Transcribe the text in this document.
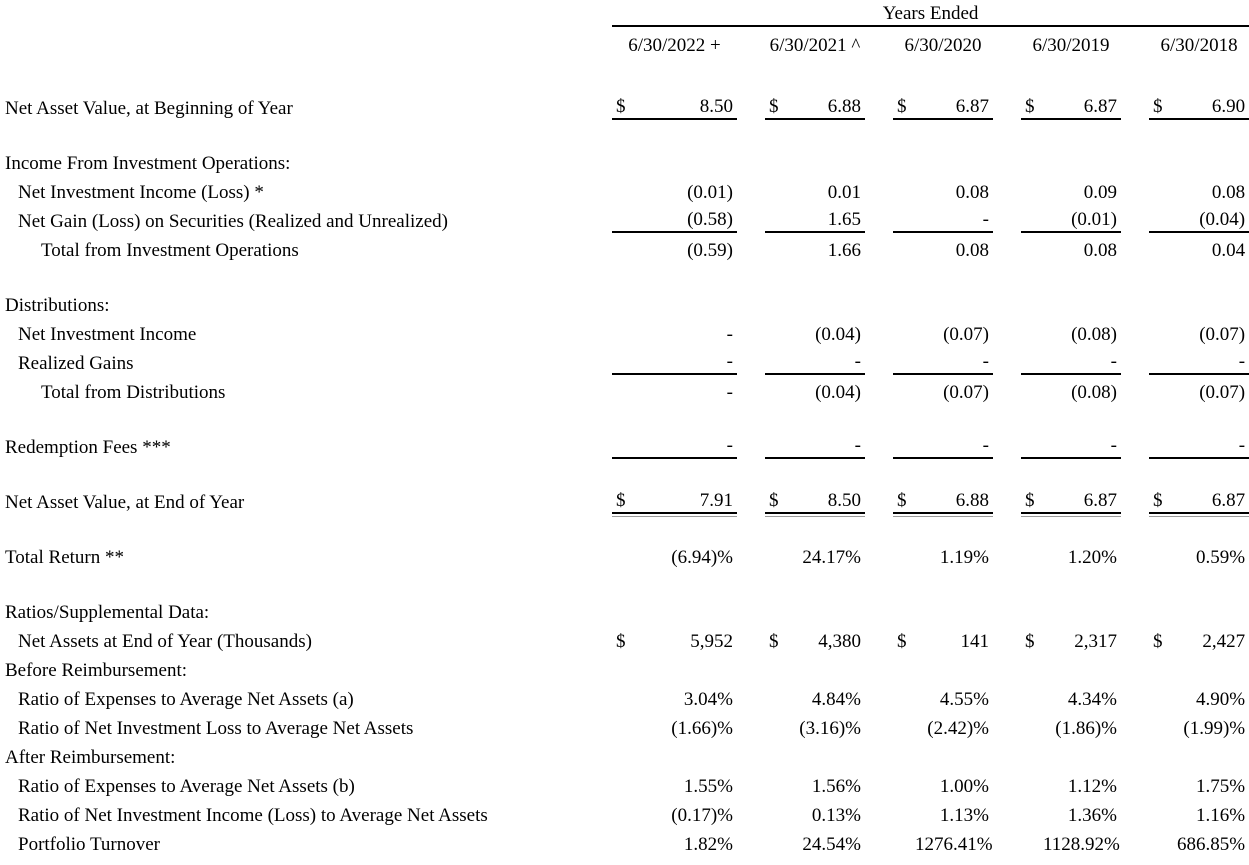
	Years Ended													
	6/30/2022 +		6/30/2021 ^			6/30/2020			6/30/2019			6/30/2018		

Net Asset Value, at Beginning of Year	$	8.50		$	6.88		$	6.87		$	6.87		$	6.90

Income From Investment Operations:														
Net Investment Income (Loss) *		(0.01)			0.01			0.08			0.09			0.08
Net Gain (Loss) on Securities (Realized and Unrealized)		(0.58)			1.65			-			(0.01)			(0.04)
Total from Investment Operations		(0.59)			1.66			0.08			0.08			0.04

Distributions:														
Net Investment Income		-			(0.04)			(0.07)			(0.08)			(0.07)
Realized Gains		-			-			-			-			-
Total from Distributions		-			(0.04)			(0.07)			(0.08)			(0.07)

Redemption Fees ***		-			-			-			-			-

Net Asset Value, at End of Year	$	7.91		$	8.50		$	6.88		$	6.87		$	6.87

Total Return **		(6.94)%			24.17%			1.19%			1.20%			0.59%

Ratios/Supplemental Data:														
Net Assets at End of Year (Thousands)	$	5,952		$	4,380		$	141		$	2,317		$	2,427
Before Reimbursement:														
Ratio of Expenses to Average Net Assets (a)		3.04%			4.84%			4.55%			4.34%			4.90%
Ratio of Net Investment Loss to Average Net Assets		(1.66)%			(3.16)%			(2.42)%			(1.86)%			(1.99)%
After Reimbursement:														
Ratio of Expenses to Average Net Assets (b)		1.55%			1.56%			1.00%			1.12%			1.75%
Ratio of Net Investment Income (Loss) to Average Net Assets		(0.17)%			0.13%			1.13%			1.36%			1.16%
Portfolio Turnover		1.82%			24.54%			1276.41%			1128.92%			686.85%
